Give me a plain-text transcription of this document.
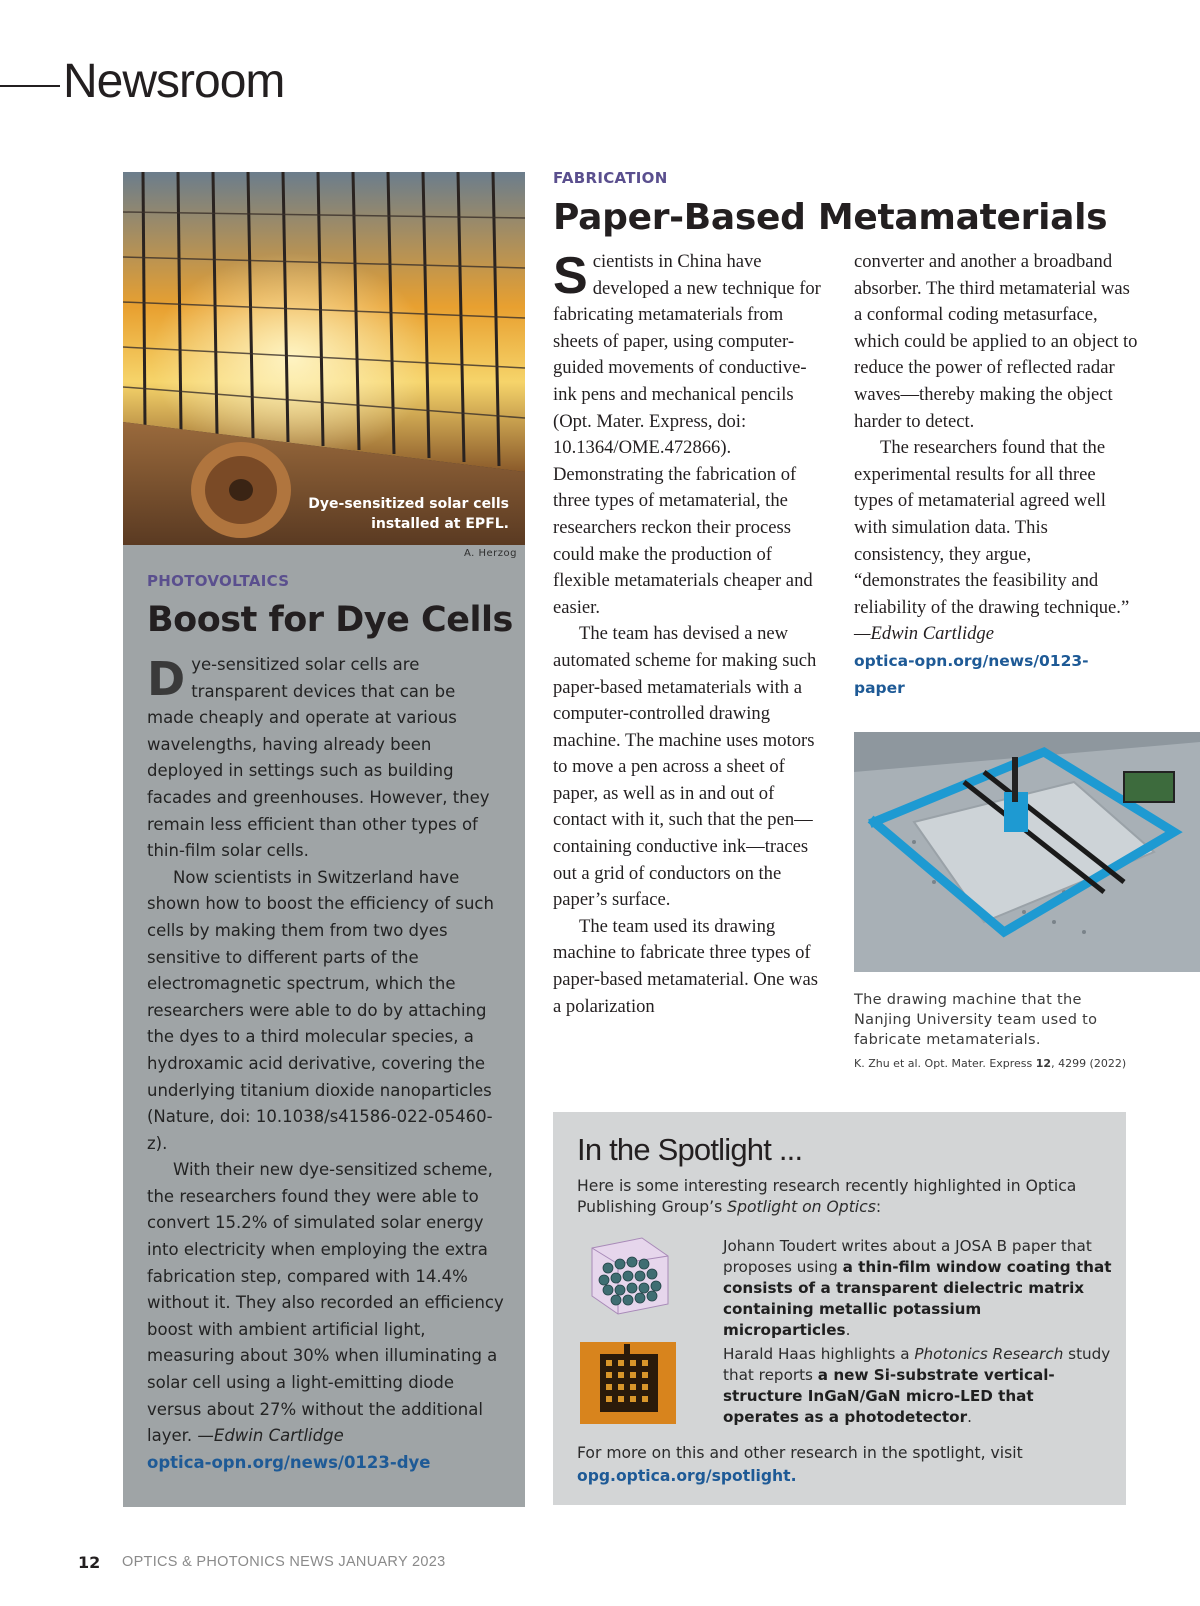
Newsroom
Dye-sensitized solar cells installed at EPFL.
A. Herzog
PHOTOVOLTAICS
Boost for Dye Cells

Dye-sensitized solar cells are transparent devices that can be made cheaply and operate at various wavelengths, having already been deployed in settings such as building facades and greenhouses. However, they remain less efficient than other types of thin-film solar cells.

Now scientists in Switzerland have shown how to boost the efficiency of such cells by making them from two dyes sensitive to different parts of the electromagnetic spectrum, which the researchers were able to do by attaching the dyes to a third molecular species, a hydroxamic acid derivative, covering the underlying titanium dioxide nanoparticles (Nature, doi: 10.1038/s41586-022-05460-z).

With their new dye-sensitized scheme, the researchers found they were able to convert 15.2% of simulated solar energy into electricity when employing the extra fabrication step, compared with 14.4% without it. They also recorded an efficiency boost with ambient artificial light, measuring about 30% when illuminating a solar cell using a light-emitting diode versus about 27% without the additional layer. —Edwin Cartlidge

optica-opn.org/news/0123-dye

FABRICATION
Paper-Based Metamaterials

Scientists in China have developed a new technique for fabricating metamaterials from sheets of paper, using computer-guided movements of conductive-ink pens and mechanical pencils (Opt. Mater. Express, doi: 10.1364/OME.472866). Demonstrating the fabrication of three types of metamaterial, the researchers reckon their process could make the production of flexible metamaterials cheaper and easier.

The team has devised a new automated scheme for making such paper-based metamaterials with a computer-controlled drawing machine. The machine uses motors to move a pen across a sheet of paper, as well as in and out of contact with it, such that the pen—containing conductive ink—traces out a grid of conductors on the paper’s surface.

The team used its drawing machine to fabricate three types of paper-based metamaterial. One was a polarization

converter and another a broadband absorber. The third metamaterial was a conformal coding metasurface, which could be applied to an object to reduce the power of reflected radar waves—thereby making the object harder to detect.

The researchers found that the experimental results for all three types of metamaterial agreed well with simulation data. This consistency, they argue, “demonstrates the feasibility and reliability of the drawing technique.” —Edwin Cartlidge

optica-opn.org/news/0123-paper

The drawing machine that the Nanjing University team used to fabricate metamaterials.
K. Zhu et al. Opt. Mater. Express 12, 4299 (2022)
In the Spotlight ...
Here is some interesting research recently highlighted in Optica Publishing Group’s Spotlight on Optics:
Johann Toudert writes about a JOSA B paper that proposes using a thin-film window coating that consists of a transparent dielectric matrix containing metallic potassium microparticles.
Harald Haas highlights a Photonics Research study that reports a new Si-substrate vertical-structure InGaN/GaN micro-LED that operates as a photodetector.
For more on this and other research in the spotlight, visit
opg.optica.org/spotlight.
12 OPTICS & PHOTONICS NEWS JANUARY 2023
